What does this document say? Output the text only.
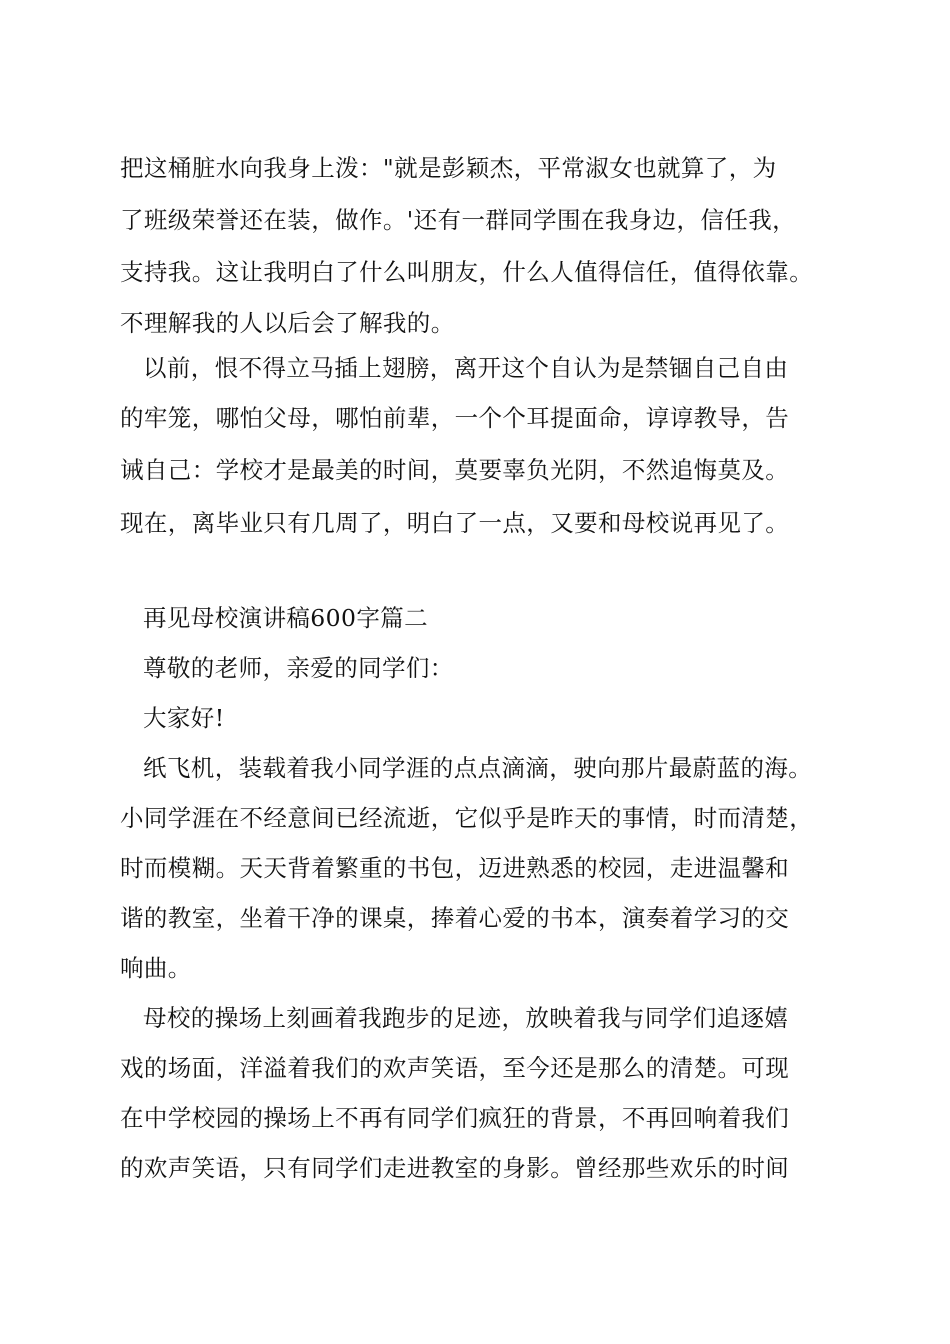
把这桶脏水向我身上泼："就是彭颖杰，平常淑女也就算了，为
了班级荣誉还在装，做作。'还有一群同学围在我身边，信任我，
支持我。这让我明白了什么叫朋友，什么人值得信任，值得依靠。
不理解我的人以后会了解我的。
以前，恨不得立马插上翅膀，离开这个自认为是禁锢自己自由
的牢笼，哪怕父母，哪怕前辈，一个个耳提面命，谆谆教导，告
诫自己：学校才是最美的时间，莫要辜负光阴，不然追悔莫及。
现在，离毕业只有几周了，明白了一点，又要和母校说再见了。
再见母校演讲稿600字篇二
尊敬的老师，亲爱的同学们：
大家好!
纸飞机，装载着我小同学涯的点点滴滴，驶向那片最蔚蓝的海。
小同学涯在不经意间已经流逝，它似乎是昨天的事情，时而清楚，
时而模糊。天天背着繁重的书包，迈进熟悉的校园，走进温馨和
谐的教室，坐着干净的课桌，捧着心爱的书本，演奏着学习的交
响曲。
母校的操场上刻画着我跑步的足迹，放映着我与同学们追逐嬉
戏的场面，洋溢着我们的欢声笑语，至今还是那么的清楚。可现
在中学校园的操场上不再有同学们疯狂的背景，不再回响着我们
的欢声笑语，只有同学们走进教室的身影。曾经那些欢乐的时间
